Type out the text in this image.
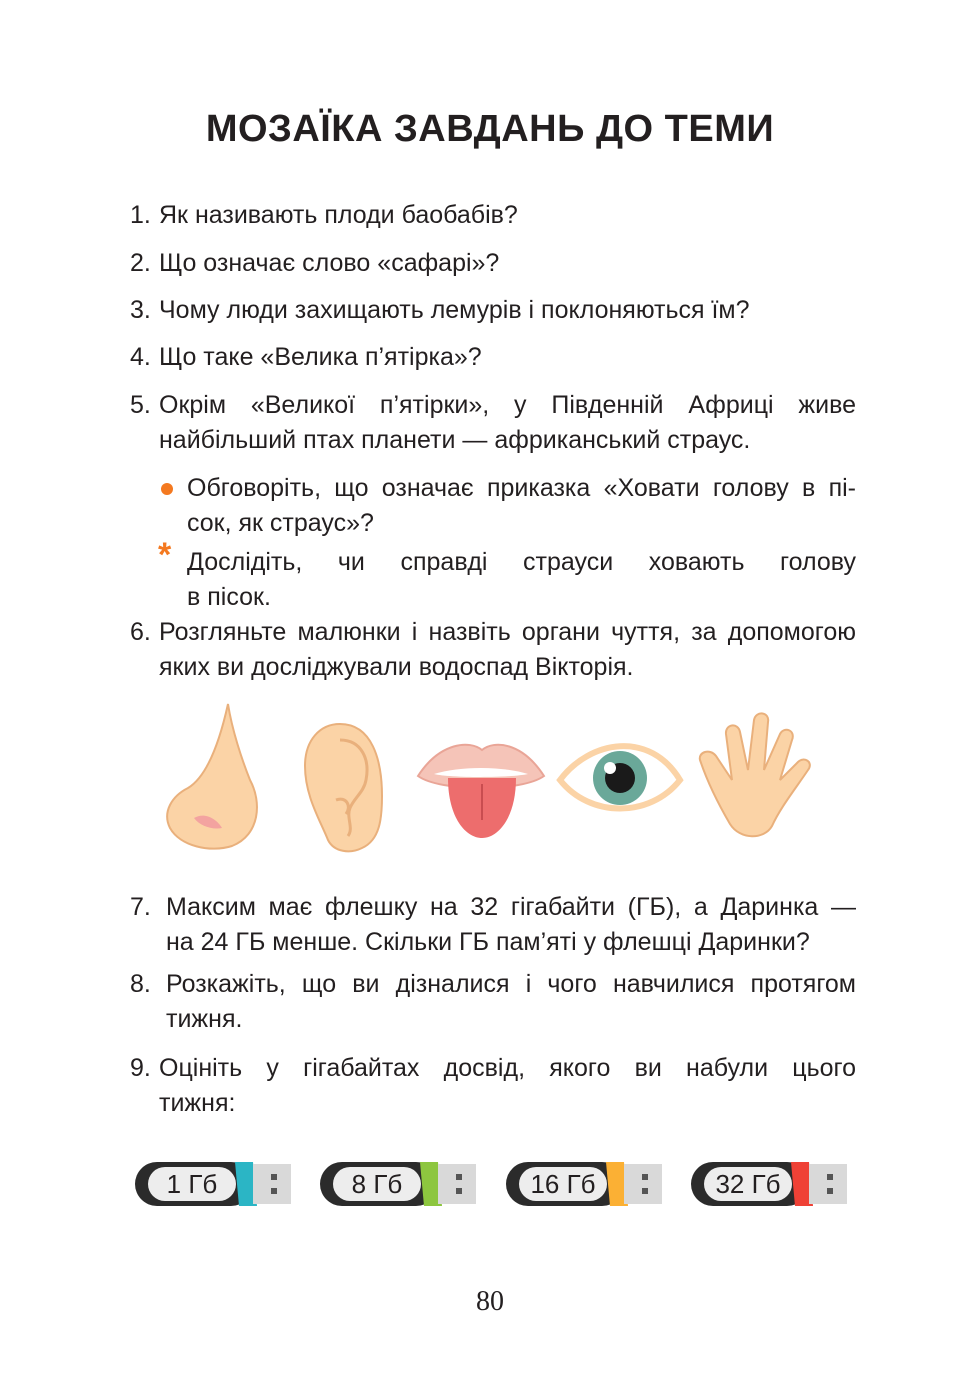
МОЗАЇКА ЗАВДАНЬ ДО ТЕМИ
1. Як називають плоди баобабів?
2. Що означає слово «сафарі»?
3. Чому люди захищають лемурів і поклоняються їм?
4. Що таке «Велика п’ятірка»?
5. Окрім «Великої п’ятірки», у Південній Африці живе
найбільший птах планети — африканський страус.
Обговоріть, що означає приказка «Ховати голову в пі-
сок, як страус»?
* Дослідіть, чи справді страуси ховають голову
в пісок.
6. Розгляньте малюнки і назвіть органи чуття, за допомогою
яких ви досліджували водоспад Вікторія.
7. Максим має флешку на 32 гігабайти (ГБ), а Даринка —
на 24 ГБ менше. Скільки ГБ пам’яті у флешці Даринки?
8. Розкажіть, що ви дізналися і чого навчилися протягом
тижня.
9. Оцініть у гігабайтах досвід, якого ви набули цього
тижня:
1 Гб	8 Гб	16 Гб	32 Гб
80
